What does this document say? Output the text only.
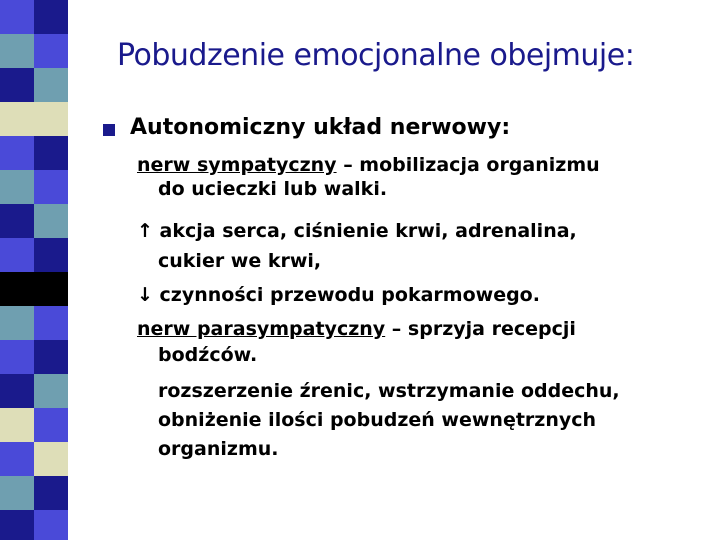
Pobudzenie emocjonalne obejmuje:
Autonomiczny układ nerwowy:
nerw sympatyczny – mobilizacja organizmu
do ucieczki lub walki.
↑ akcja serca, ciśnienie krwi, adrenalina,
cukier we krwi,
↓ czynności przewodu pokarmowego.
nerw parasympatyczny – sprzyja recepcji
bodźców.
rozszerzenie źrenic, wstrzymanie oddechu,
obniżenie ilości pobudzeń wewnętrznych
organizmu.
